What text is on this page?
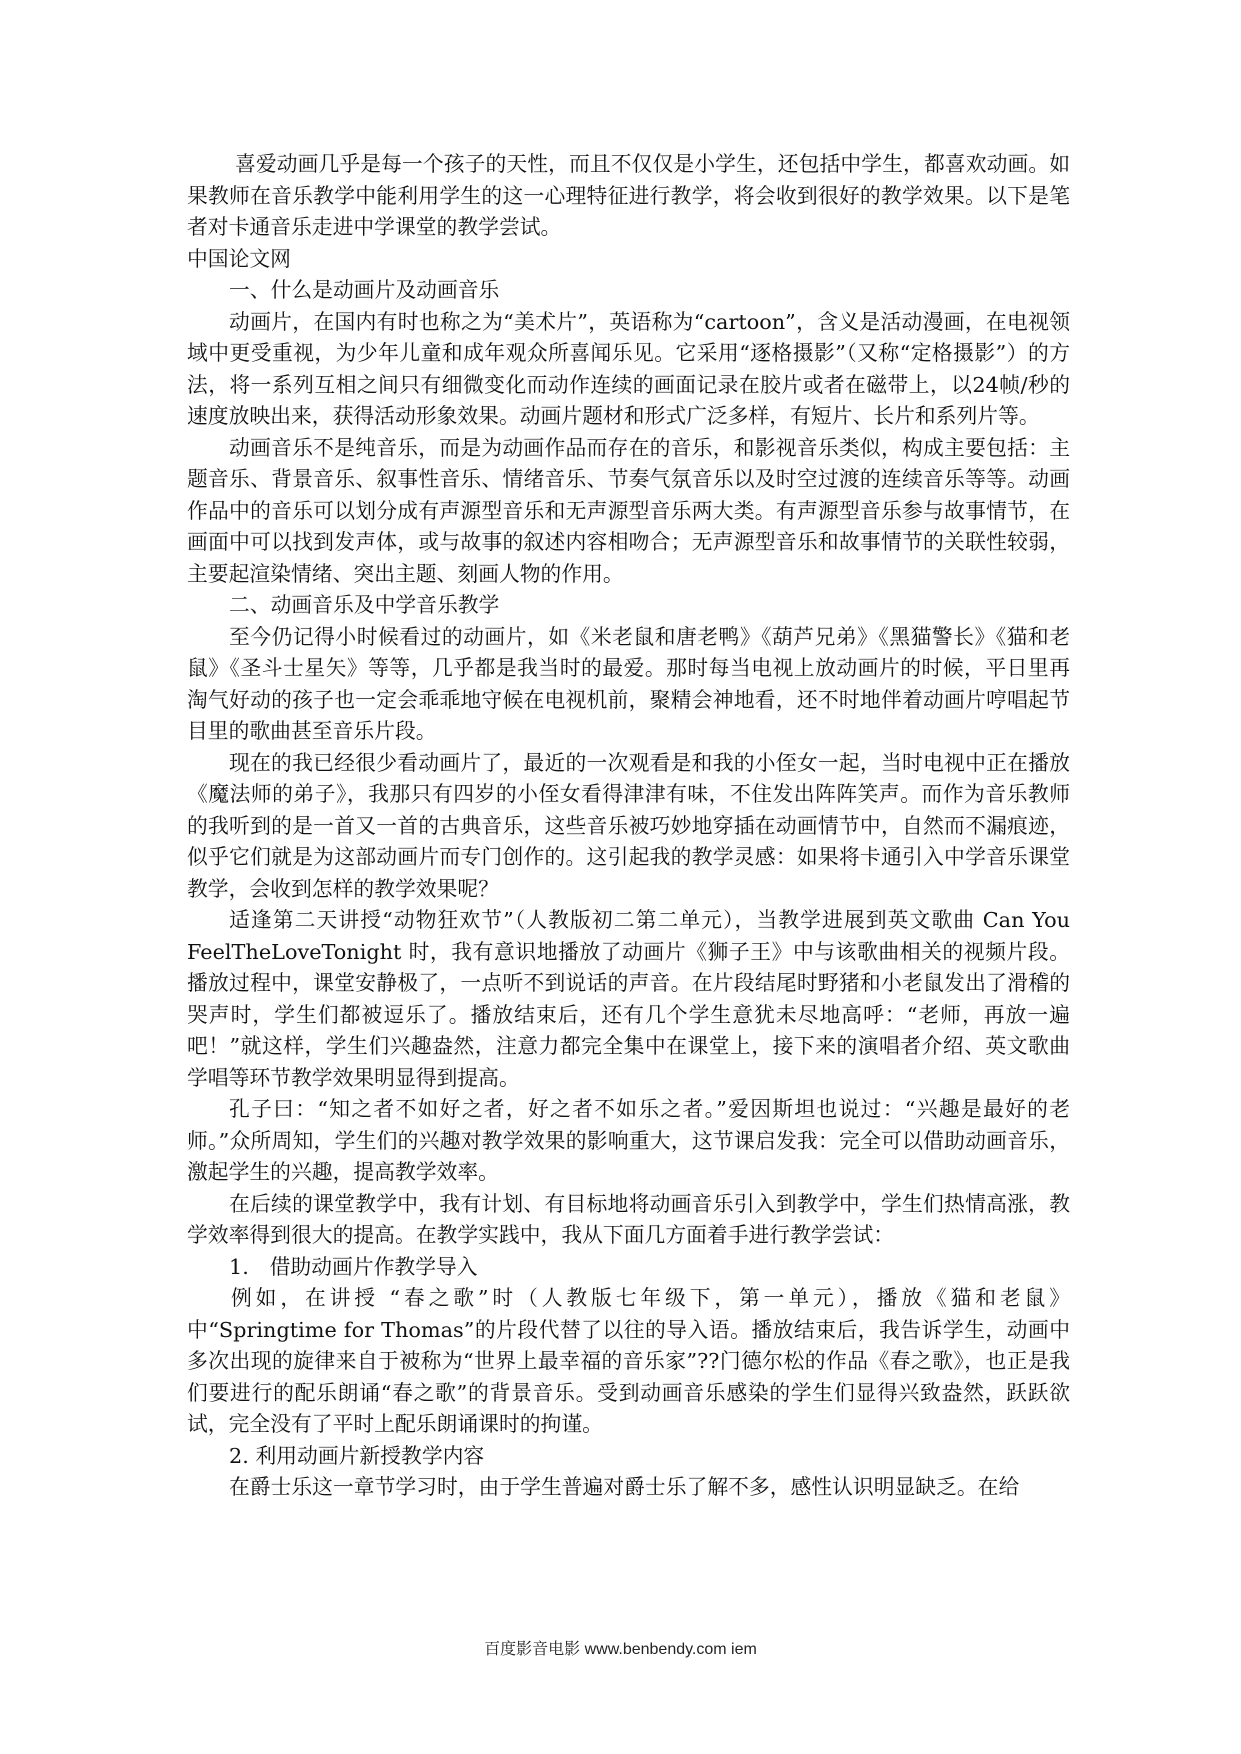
喜爱动画几乎是每一个孩子的天性，而且不仅仅是小学生，还包括中学生，都喜欢动画。如果教师在音乐教学中能利用学生的这一心理特征进行教学，将会收到很好的教学效果。以下是笔者对卡通音乐走进中学课堂的教学尝试。

中国论文网

一、什么是动画片及动画音乐

动画片，在国内有时也称之为“美术片”，英语称为“cartoon”，含义是活动漫画，在电视领域中更受重视，为少年儿童和成年观众所喜闻乐见。它采用“逐格摄影”（又称“定格摄影”）的方法，将一系列互相之间只有细微变化而动作连续的画面记录在胶片或者在磁带上，以24帧/秒的速度放映出来，获得活动形象效果。动画片题材和形式广泛多样，有短片、长片和系列片等。

动画音乐不是纯音乐，而是为动画作品而存在的音乐，和影视音乐类似，构成主要包括：主题音乐、背景音乐、叙事性音乐、情绪音乐、节奏气氛音乐以及时空过渡的连续音乐等等。动画作品中的音乐可以划分成有声源型音乐和无声源型音乐两大类。有声源型音乐参与故事情节，在画面中可以找到发声体，或与故事的叙述内容相吻合；无声源型音乐和故事情节的关联性较弱，主要起渲染情绪、突出主题、刻画人物的作用。

二、动画音乐及中学音乐教学

至今仍记得小时候看过的动画片，如《米老鼠和唐老鸭》《葫芦兄弟》《黑猫警长》《猫和老鼠》《圣斗士星矢》等等，几乎都是我当时的最爱。那时每当电视上放动画片的时候，平日里再淘气好动的孩子也一定会乖乖地守候在电视机前，聚精会神地看，还不时地伴着动画片哼唱起节目里的歌曲甚至音乐片段。

现在的我已经很少看动画片了，最近的一次观看是和我的小侄女一起，当时电视中正在播放《魔法师的弟子》，我那只有四岁的小侄女看得津津有味，不住发出阵阵笑声。而作为音乐教师的我听到的是一首又一首的古典音乐，这些音乐被巧妙地穿插在动画情节中，自然而不漏痕迹，似乎它们就是为这部动画片而专门创作的。这引起我的教学灵感：如果将卡通引入中学音乐课堂教学，会收到怎样的教学效果呢？

适逢第二天讲授“动物狂欢节”（人教版初二第二单元），当教学进展到英文歌曲 Can You FeelTheLoveTonight 时，我有意识地播放了动画片《狮子王》中与该歌曲相关的视频片段。播放过程中，课堂安静极了，一点听不到说话的声音。在片段结尾时野猪和小老鼠发出了滑稽的哭声时，学生们都被逗乐了。播放结束后，还有几个学生意犹未尽地高呼：“老师，再放一遍吧！”就这样，学生们兴趣盎然，注意力都完全集中在课堂上，接下来的演唱者介绍、英文歌曲学唱等环节教学效果明显得到提高。

孔子曰：“知之者不如好之者，好之者不如乐之者。”爱因斯坦也说过：“兴趣是最好的老师。”众所周知，学生们的兴趣对教学效果的影响重大，这节课启发我：完全可以借助动画音乐，激起学生的兴趣，提高教学效率。

在后续的课堂教学中，我有计划、有目标地将动画音乐引入到教学中，学生们热情高涨，教学效率得到很大的提高。在教学实践中，我从下面几方面着手进行教学尝试：

1.　借助动画片作教学导入

例如，在讲授 “春之歌”时（人教版七年级下，第一单元），播放《猫和老鼠》中“Springtime for Thomas”的片段代替了以往的导入语。播放结束后，我告诉学生，动画中多次出现的旋律来自于被称为“世界上最幸福的音乐家”??门德尔松的作品《春之歌》，也正是我们要进行的配乐朗诵“春之歌”的背景音乐。受到动画音乐感染的学生们显得兴致盎然，跃跃欲试，完全没有了平时上配乐朗诵课时的拘谨。

2. 利用动画片新授教学内容

在爵士乐这一章节学习时，由于学生普遍对爵士乐了解不多，感性认识明显缺乏。在给

百度影音电影 www.benbendy.com iem
